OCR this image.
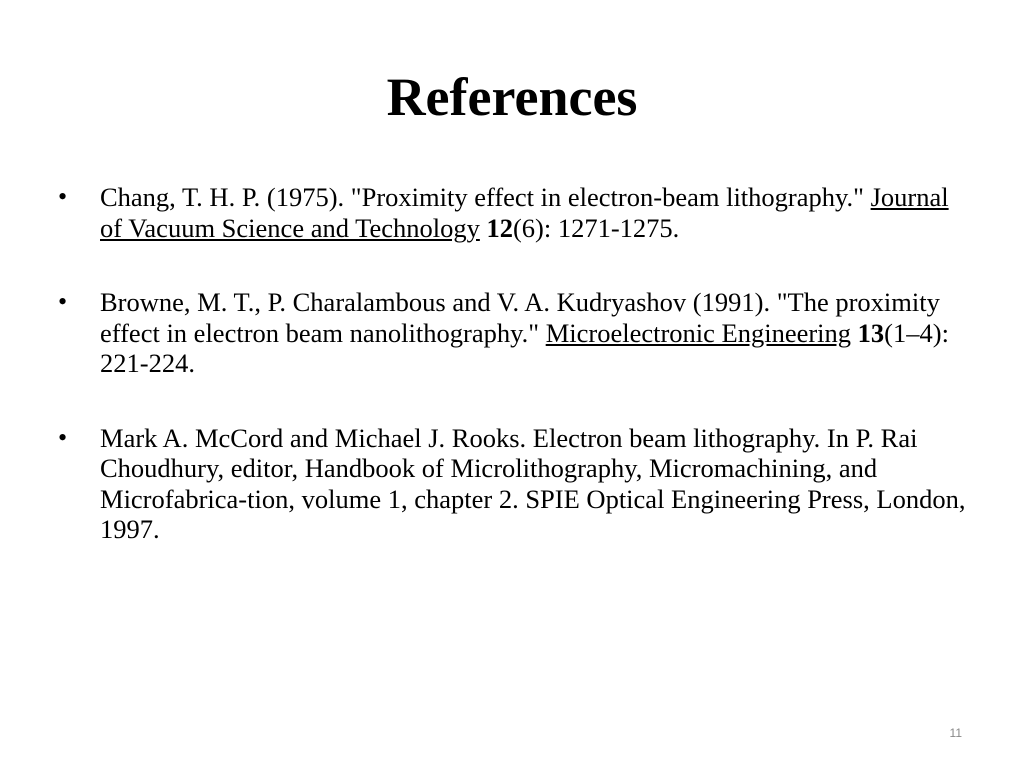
References
• Chang, T. H. P. (1975). "Proximity effect in electron-beam lithography." Journal of Vacuum Science and Technology 12(6): 1271-1275.
• Browne, M. T., P. Charalambous and V. A. Kudryashov (1991). "The proximity effect in electron beam nanolithography." Microelectronic Engineering 13(1–4): 221-224.
• Mark A. McCord and Michael J. Rooks. Electron beam lithography. In P. Rai Choudhury, editor, Handbook of Microlithography, Micromachining, and Microfabrica-tion, volume 1, chapter 2. SPIE Optical Engineering Press, London, 1997.
11
